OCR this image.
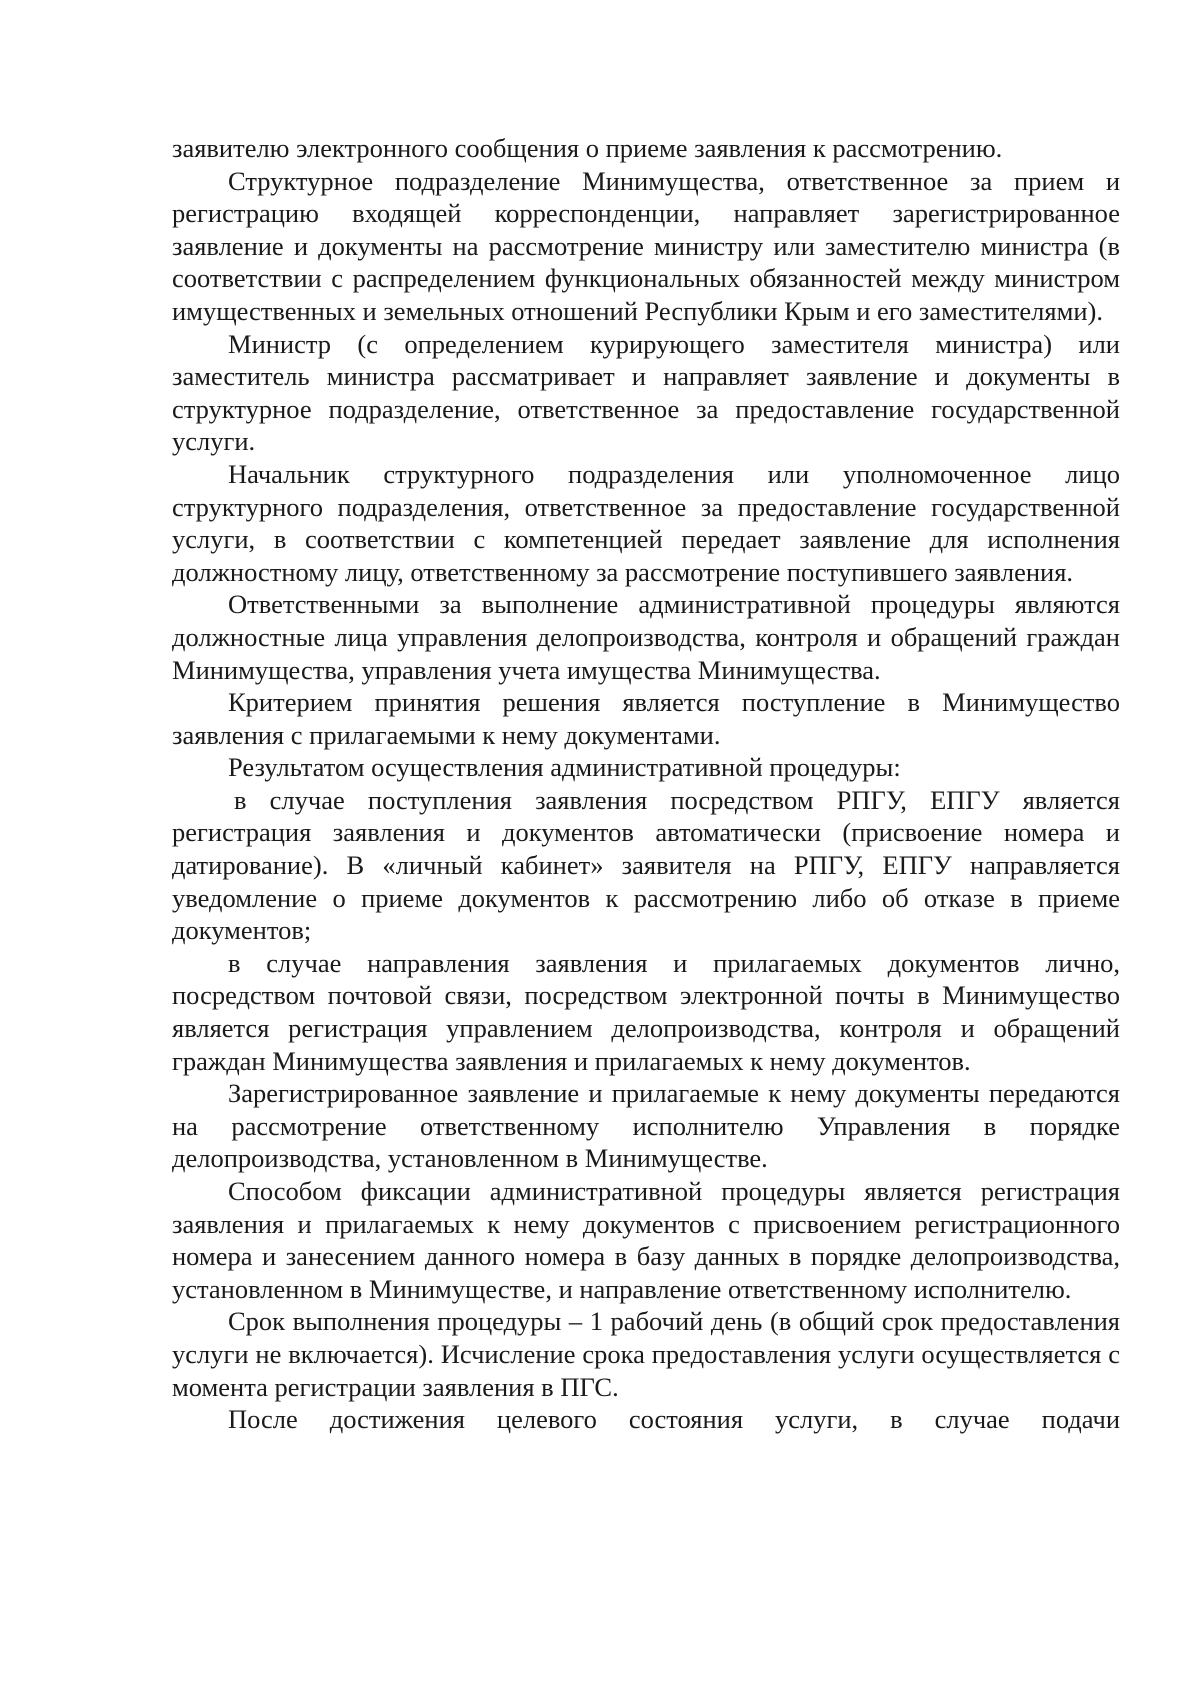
заявителю электронного сообщения о приеме заявления к рассмотрению.

Структурное подразделение Минимущества, ответственное за прием и регистрацию входящей корреспонденции, направляет зарегистрированное заявление и документы на рассмотрение министру или заместителю министра (в соответствии с распределением функциональных обязанностей между министром имущественных и земельных отношений Республики Крым и его заместителями).

Министр (с определением курирующего заместителя министра) или заместитель министра рассматривает и направляет заявление и документы в структурное подразделение, ответственное за предоставление государственной услуги.

Начальник структурного подразделения или уполномоченное лицо структурного подразделения, ответственное за предоставление государственной услуги, в соответствии с компетенцией передает заявление для исполнения должностному лицу, ответственному за рассмотрение поступившего заявления.

Ответственными за выполнение административной процедуры являются должностные лица управления делопроизводства, контроля и обращений граждан Минимущества, управления учета имущества Минимущества.

Критерием принятия решения является поступление в Минимущество заявления с прилагаемыми к нему документами.

Результатом осуществления административной процедуры:

в случае поступления заявления посредством РПГУ, ЕПГУ является регистрация заявления и документов автоматически (присвоение номера и датирование). В «личный кабинет» заявителя на РПГУ, ЕПГУ направляется уведомление о приеме документов к рассмотрению либо об отказе в приеме документов;

в случае направления заявления и прилагаемых документов лично, посредством почтовой связи, посредством электронной почты в Минимущество является регистрация управлением делопроизводства, контроля и обращений граждан Минимущества заявления и прилагаемых к нему документов.

Зарегистрированное заявление и прилагаемые к нему документы передаются на рассмотрение ответственному исполнителю Управления в порядке делопроизводства, установленном в Минимуществе.

Способом фиксации административной процедуры является регистрация заявления и прилагаемых к нему документов с присвоением регистрационного номера и занесением данного номера в базу данных в порядке делопроизводства, установленном в Минимуществе, и направление ответственному исполнителю.

Срок выполнения процедуры – 1 рабочий день (в общий срок предоставления услуги не включается). Исчисление срока предоставления услуги осуществляется с момента регистрации заявления в ПГС.

После достижения целевого состояния услуги, в случае подачи
